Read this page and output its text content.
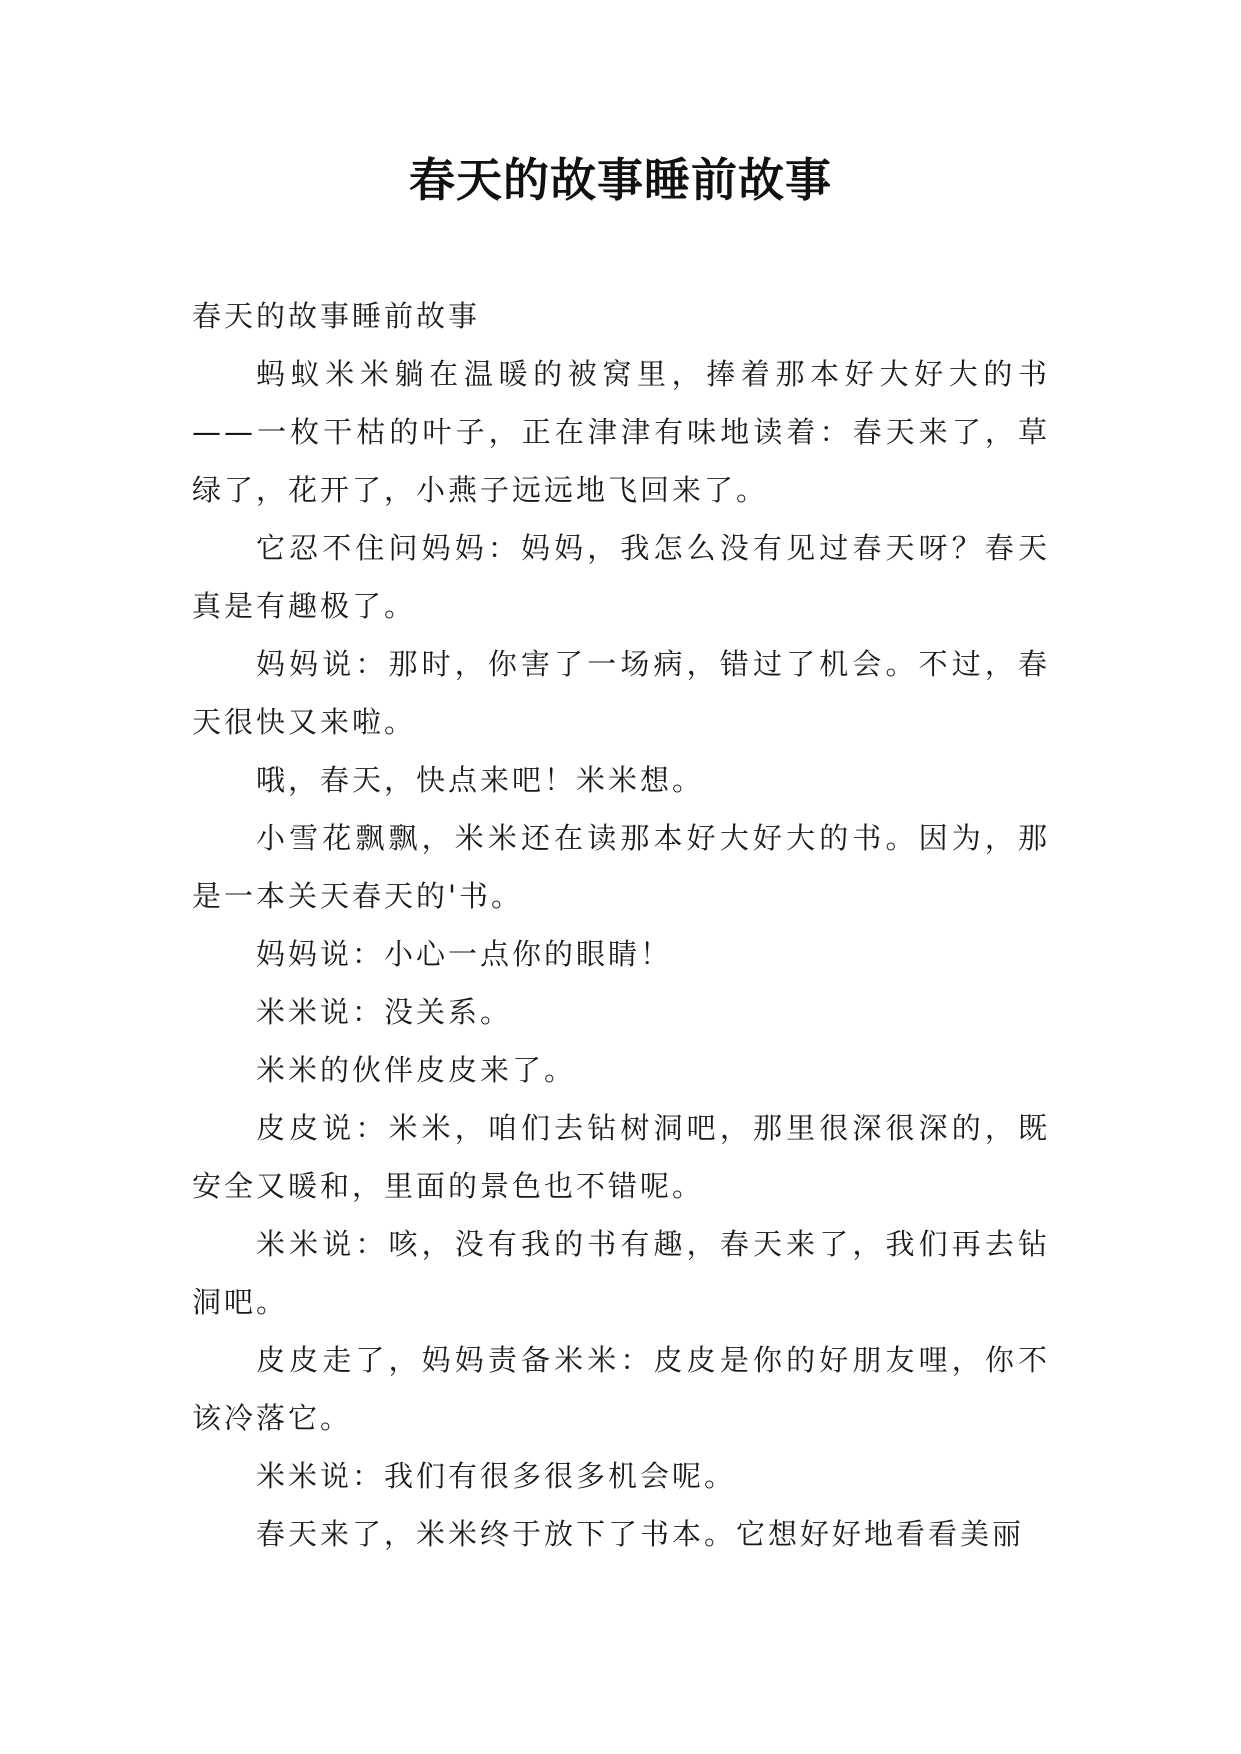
春天的故事睡前故事

春天的故事睡前故事

蚂蚁米米躺在温暖的被窝里，捧着那本好大好大的书——一枚干枯的叶子，正在津津有味地读着：春天来了，草绿了，花开了，小燕子远远地飞回来了。

它忍不住问妈妈：妈妈，我怎么没有见过春天呀？春天真是有趣极了。

妈妈说：那时，你害了一场病，错过了机会。不过，春天很快又来啦。

哦，春天，快点来吧！米米想。

小雪花飘飘，米米还在读那本好大好大的书。因为，那是一本关天春天的'书。

妈妈说：小心一点你的眼睛！

米米说：没关系。

米米的伙伴皮皮来了。

皮皮说：米米，咱们去钻树洞吧，那里很深很深的，既安全又暖和，里面的景色也不错呢。

米米说：咳，没有我的书有趣，春天来了，我们再去钻洞吧。

皮皮走了，妈妈责备米米：皮皮是你的好朋友哩，你不该冷落它。

米米说：我们有很多很多机会呢。

春天来了，米米终于放下了书本。它想好好地看看美丽
